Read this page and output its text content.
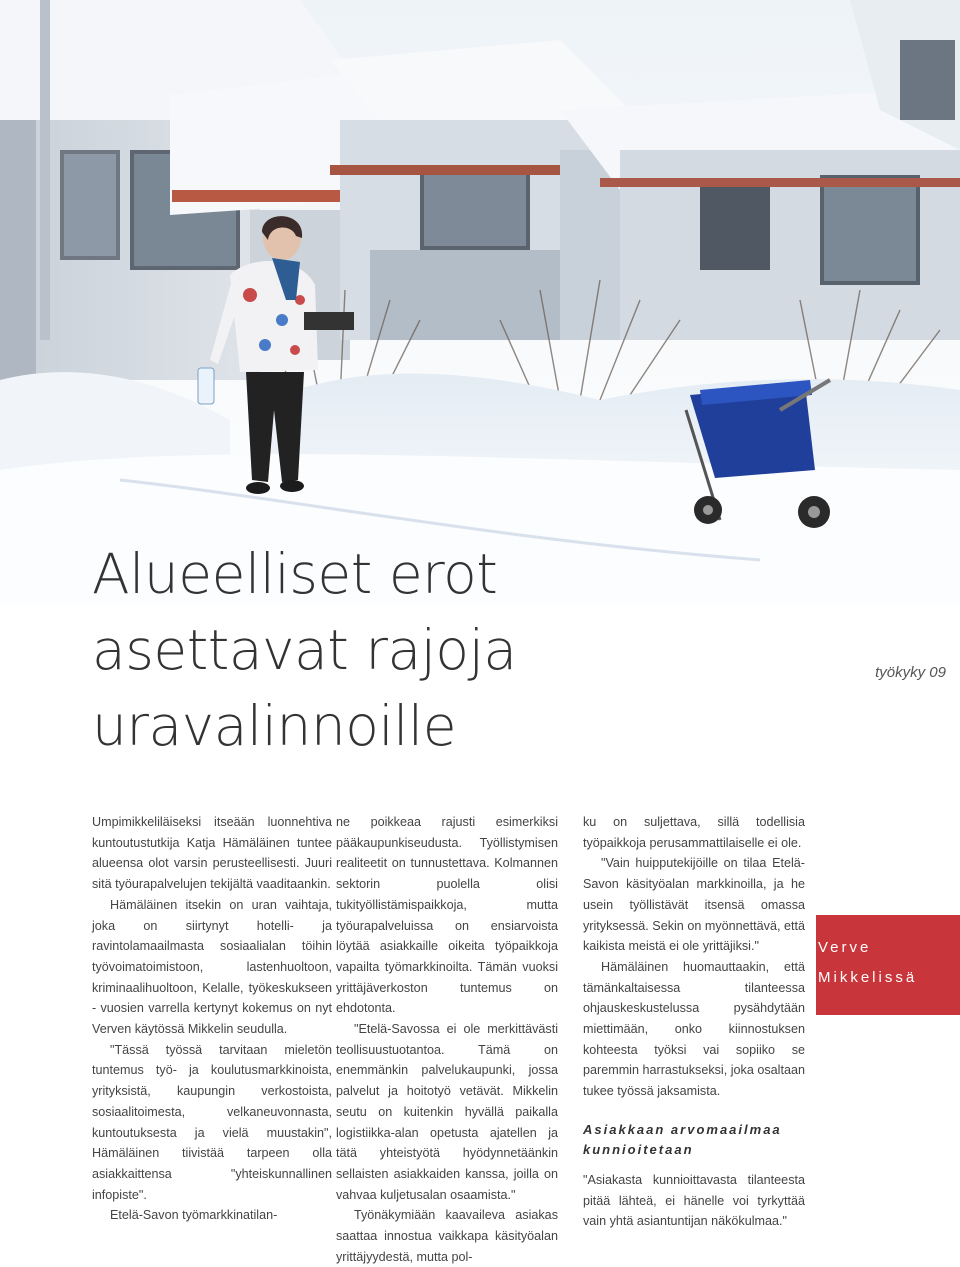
Alueelliset erot
asettavat rajoja
uravalinnoille
työkyky 09

Umpimikkeliläiseksi itseään luonnehtiva kuntoutustutkija Katja Hämäläinen tuntee alueensa olot varsin perusteellisesti. Juuri sitä työurapalvelujen tekijältä vaaditaankin.

Hämäläinen itsekin on uran vaihtaja, joka on siirtynyt hotelli- ja ravintolamaailmasta sosiaalialan töihin työvoimatoimistoon, lastenhuoltoon, kriminaalihuoltoon, Kelalle, työkeskukseen - vuosien varrella kertynyt kokemus on nyt Verven käytössä Mikkelin seudulla.

"Tässä työssä tarvitaan mieletön tuntemus työ- ja koulutusmarkkinoista, yrityksistä, kaupungin verkostoista, sosiaalitoimesta, velkaneuvonnasta, kuntoutuksesta ja vielä muustakin", Hämäläinen tiivistää tarpeen olla asiakkaittensa "yhteiskunnallinen infopiste".

Etelä-Savon työmarkkinatilan-

ne poikkeaa rajusti esimerkiksi pääkaupunkiseudusta. Työllistymisen realiteetit on tunnustettava. Kolmannen sektorin puolella olisi tukityöllistämispaikkoja, mutta työurapalveluissa on ensiarvoista löytää asiakkaille oikeita työpaikkoja vapailta työmarkkinoilta. Tämän vuoksi yrittäjäverkoston tuntemus on ehdotonta.

"Etelä-Savossa ei ole merkittävästi teollisuustuotantoa. Tämä on enemmänkin palvelukaupunki, jossa palvelut ja hoitotyö vetävät. Mikkelin seutu on kuitenkin hyvällä paikalla logistiikka-alan opetusta ajatellen ja tätä yhteistyötä hyödynnetäänkin sellaisten asiakkaiden kanssa, joilla on vahvaa kuljetusalan osaamista."

Työnäkymiään kaavaileva asiakas saattaa innostua vaikkapa käsityöalan yrittäjyydestä, mutta pol-

ku on suljettava, sillä todellisia työpaikkoja perusammattilaiselle ei ole.

"Vain huipputekijöille on tilaa Etelä-Savon käsityöalan markkinoilla, ja he usein työllistävät itsensä omassa yrityksessä. Sekin on myönnettävä, että kaikista meistä ei ole yrittäjiksi."

Hämäläinen huomauttaakin, että tämänkaltaisessa tilanteessa ohjauskeskustelussa pysähdytään miettimään, onko kiinnostuksen kohteesta työksi vai sopiiko se paremmin harrastukseksi, joka osaltaan tukee työssä jaksamista.

Asiakkaan arvomaailmaa kunnioitetaan

"Asiakasta kunnioittavasta tilanteesta pitää lähteä, ei hänelle voi tyrkyttää vain yhtä asiantuntijan näkökulmaa."

Verve
Mikkelissä
